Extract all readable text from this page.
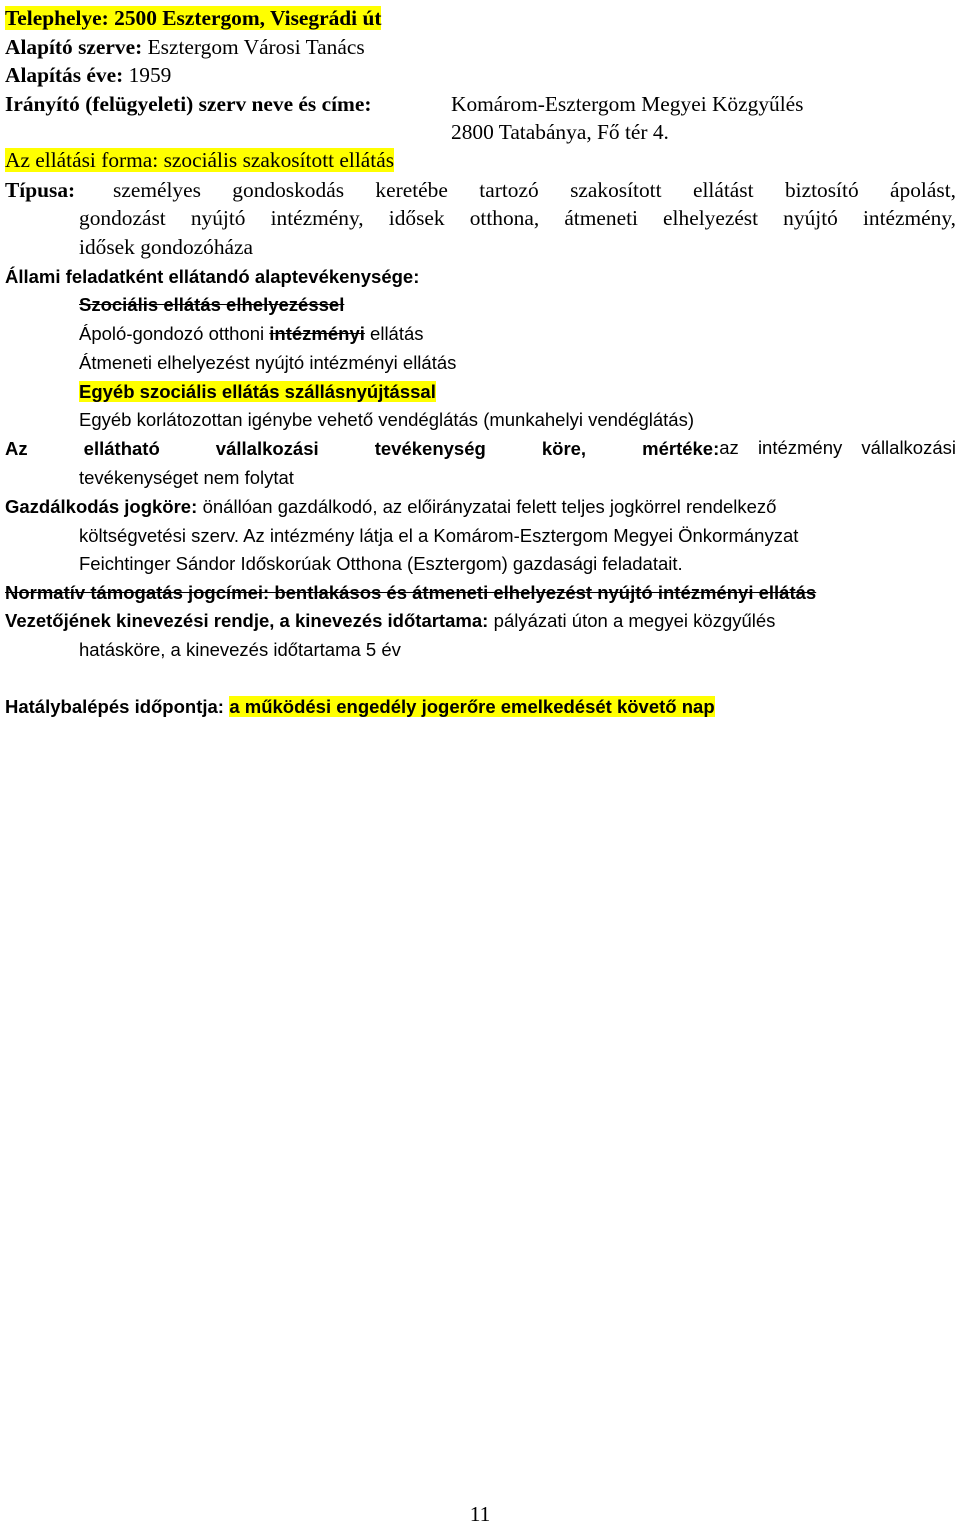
Telephelye: 2500 Esztergom, Visegrádi út
Alapító szerve: Esztergom Városi Tanács
Alapítás éve: 1959
Irányító (felügyeleti) szerv neve és címe:	Komárom-Esztergom Megyei Közgyűlés
2800 Tatabánya, Fő tér 4.
Az ellátási forma: szociális szakosított ellátás
Típusa: személyes gondoskodás keretébe tartozó szakosított ellátást biztosító ápolást,
gondozást nyújtó intézmény, idősek otthona, átmeneti elhelyezést nyújtó intézmény,
idősek gondozóháza
Állami feladatként ellátandó alaptevékenysége:
Szociális ellátás elhelyezéssel
Ápoló-gondozó otthoni intézményi ellátás
Átmeneti elhelyezést nyújtó intézményi ellátás
Egyéb szociális ellátás szállásnyújtással
Egyéb korlátozottan igénybe vehető vendéglátás (munkahelyi vendéglátás)
Az ellátható vállalkozási tevékenység köre, mértéke: az intézmény vállalkozási
tevékenységet nem folytat
Gazdálkodás jogköre: önállóan gazdálkodó, az előirányzatai felett teljes jogkörrel rendelkező
költségvetési szerv. Az intézmény látja el a Komárom-Esztergom Megyei Önkormányzat
Feichtinger Sándor Időskorúak Otthona (Esztergom) gazdasági feladatait.
Normatív támogatás jogcímei: bentlakásos és átmeneti elhelyezést nyújtó intézményi ellátás
Vezetőjének kinevezési rendje, a kinevezés időtartama: pályázati úton a megyei közgyűlés
hatásköre, a kinevezés időtartama 5 év
Hatálybalépés időpontja: a működési engedély jogerőre emelkedését követő nap
11
